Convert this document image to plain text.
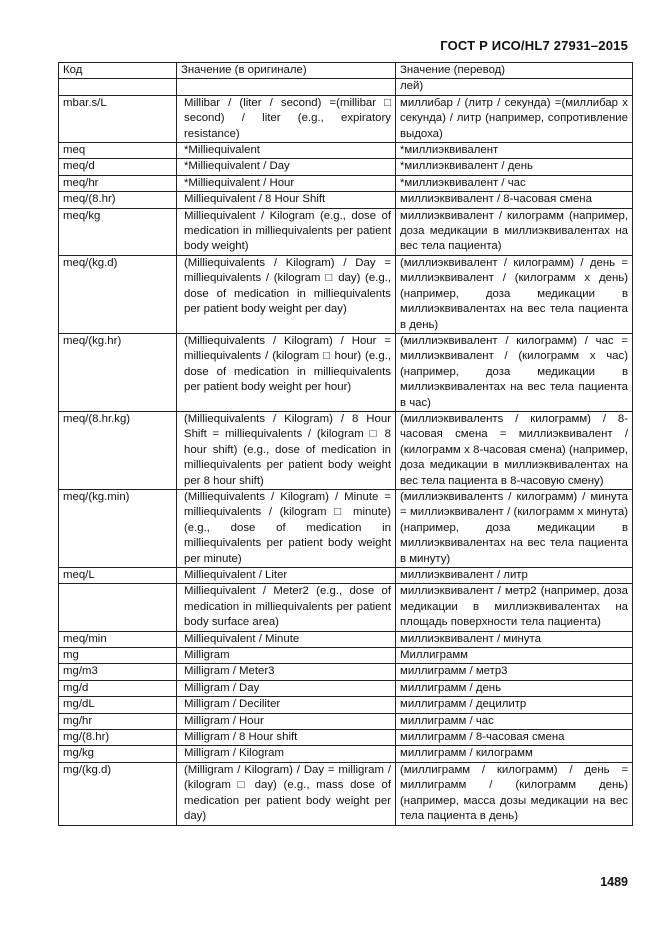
ГОСТ Р ИСО/HL7 27931–2015
Код	Значение (в оригинале)	Значение (перевод)
		лей)
mbar.s/L	Millibar / (liter / second) =(millibar □ second) / liter (e.g., expiratory resistance)	миллибар / (литр / секунда) =(миллибар x секунда) / литр (например, сопротивление выдоха)
meq	*Milliequivalent	*миллиэквивалент
meq/d	*Milliequivalent / Day	*миллиэквивалент / день
meq/hr	*Milliequivalent / Hour	*миллиэквивалент / час
meq/(8.hr)	Milliequivalent / 8 Hour Shift	миллиэквивалент / 8-часовая смена
meq/kg	Milliequivalent / Kilogram (e.g., dose of medication in milliequivalents per patient body weight)	миллиэквивалент / килограмм (например, доза медикации в миллиэквивалентах на вес тела пациента)
meq/(kg.d)	(Milliequivalents / Kilogram) / Day = milliequivalents / (kilogram □ day) (e.g., dose of medication in milliequivalents per patient body weight per day)	(миллиэквивалент / килограмм) / день = миллиэквивалент / (килограмм x день) (например, доза медикации в миллиэквивалентах на вес тела пациента в день)
meq/(kg.hr)	(Milliequivalents / Kilogram) / Hour = milliequivalents / (kilogram □ hour) (e.g., dose of medication in milliequivalents per patient body weight per hour)	(миллиэквивалент / килограмм) / час = миллиэквивалент / (килограмм x час) (например, доза медикации в миллиэквивалентах на вес тела пациента в час)
meq/(8.hr.kg)	(Milliequivalents / Kilogram) / 8 Hour Shift = milliequivalents / (kilogram □ 8 hour shift) (e.g., dose of medication in milliequivalents per patient body weight per 8 hour shift)	(миллиэквивалентs / килограмм) / 8-часовая смена = миллиэквивалент / (килограмм x 8-часовая смена) (например, доза медикации в миллиэквивалентах на вес тела пациента в 8-часовую смену)
meq/(kg.min)	(Milliequivalents / Kilogram) / Minute = milliequivalents / (kilogram □ minute) (e.g., dose of medication in milliequivalents per patient body weight per minute)	(миллиэквивалентs / килограмм) / минута = миллиэквивалент / (килограмм x минута) (например, доза медикации в миллиэквивалентах на вес тела пациента в минуту)
meq/L	Milliequivalent / Liter	миллиэквивалент / литр
	Milliequivalent / Meter2 (e.g., dose of medication in milliequivalents per patient body surface area)	миллиэквивалент / метр2 (например, доза медикации в миллиэквивалентах на площадь поверхности тела пациента)
meq/min	Milliequivalent / Minute	миллиэквивалент / минута
mg	Milligram	Миллиграмм
mg/m3	Milligram / Meter3	миллиграмм / метр3
mg/d	Milligram / Day	миллиграмм / день
mg/dL	Milligram / Deciliter	миллиграмм / децилитр
mg/hr	Milligram / Hour	миллиграмм / час
mg/(8.hr)	Milligram / 8 Hour shift	миллиграмм / 8-часовая смена
mg/kg	Milligram / Kilogram	миллиграмм / килограмм
mg/(kg.d)	(Milligram / Kilogram) / Day = milligram / (kilogram □ day) (e.g., mass dose of medication per patient body weight per day)	(миллиграмм / килограмм) / день = миллиграмм / (килограмм день) (например, масса дозы медикации на вес тела пациента в день)
1489
